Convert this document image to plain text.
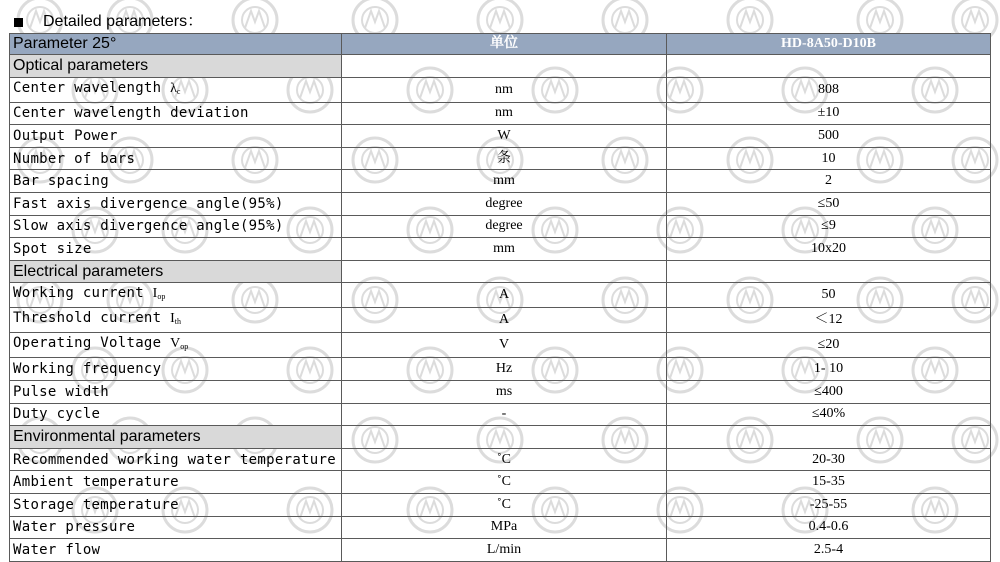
Detailed parameters：
Parameter 25°	单位	HD-8A50-D10B
Optical parameters		
Center wavelength $\lambda_c$	nm	808
Center wavelength deviation	nm	±10
Output Power	W	500
Number of bars	条	10
Bar spacing	mm	2
Fast axis divergence angle(95%)	degree	≤50
Slow axis divergence angle(95%)	degree	≤9
Spot size	mm	10x20
Electrical parameters		
Working current $I_{op}$	A	50
Threshold current $I_{th}$	A	＜12
Operating Voltage $V_{op}$	V	≤20
Working frequency	Hz	1- 10
Pulse width	ms	≤400
Duty cycle	-	≤40%
Environmental parameters		
Recommended working water temperature	˚C	20-30
Ambient temperature	˚C	15-35
Storage temperature	˚C	-25-55
Water pressure	MPa	0.4-0.6
Water flow	L/min	2.5-4
